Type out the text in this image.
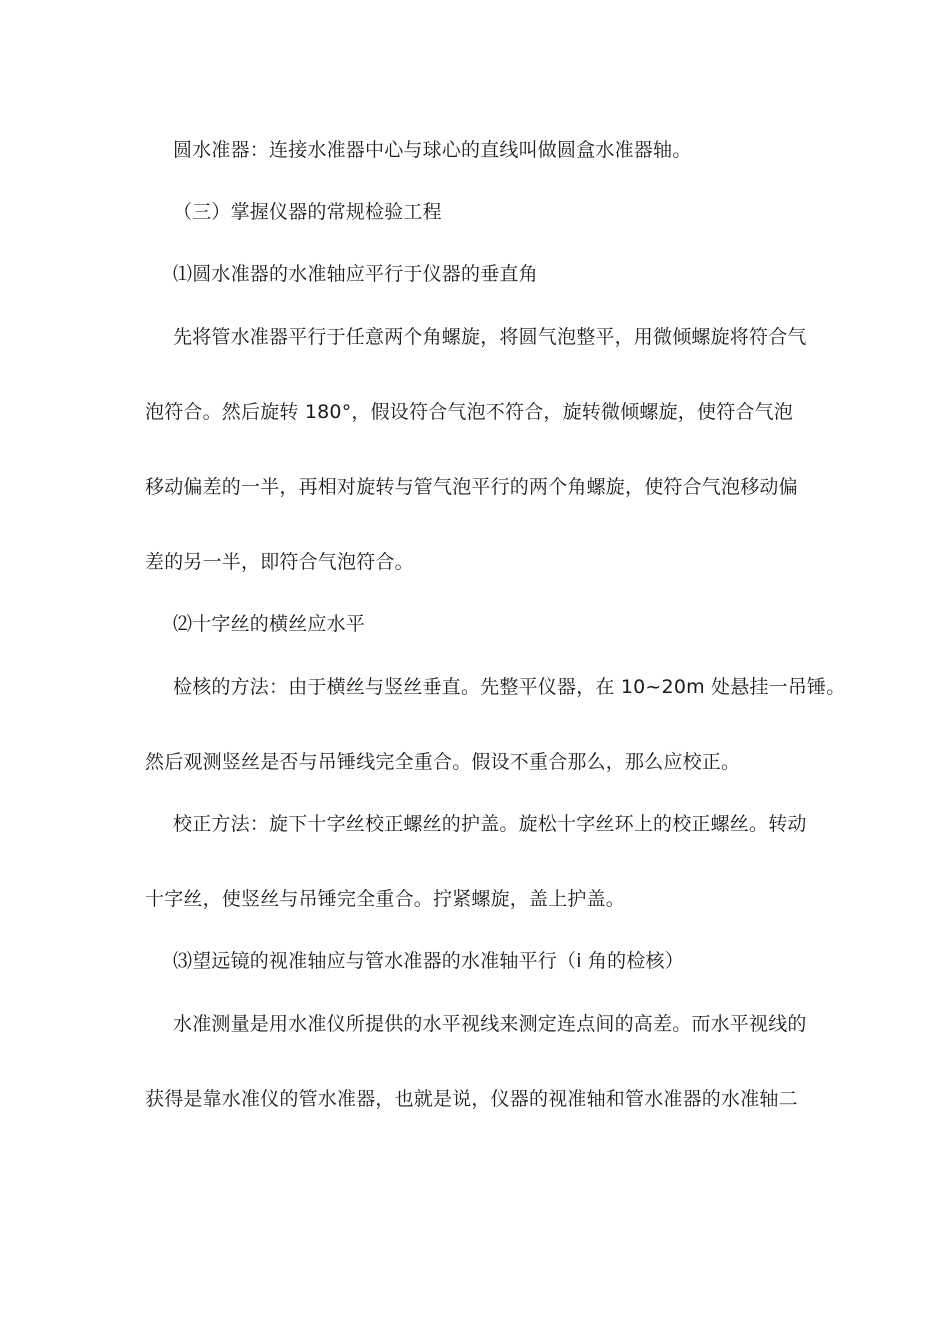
圆水准器：连接水准器中心与球心的直线叫做圆盒水准器轴。
（三）掌握仪器的常规检验工程
⑴圆水准器的水准轴应平行于仪器的垂直角
先将管水准器平行于任意两个角螺旋，将圆气泡整平，用微倾螺旋将符合气
泡符合。然后旋转 180°，假设符合气泡不符合，旋转微倾螺旋，使符合气泡
移动偏差的一半，再相对旋转与管气泡平行的两个角螺旋，使符合气泡移动偏
差的另一半，即符合气泡符合。
⑵十字丝的横丝应水平
检核的方法：由于横丝与竖丝垂直。先整平仪器，在 10~20m 处悬挂一吊锤。
然后观测竖丝是否与吊锤线完全重合。假设不重合那么，那么应校正。
校正方法：旋下十字丝校正螺丝的护盖。旋松十字丝环上的校正螺丝。转动
十字丝，使竖丝与吊锤完全重合。拧紧螺旋，盖上护盖。
⑶望远镜的视准轴应与管水准器的水准轴平行（i 角的检核）
水准测量是用水准仪所提供的水平视线来测定连点间的高差。而水平视线的
获得是靠水准仪的管水准器，也就是说，仪器的视准轴和管水准器的水准轴二
